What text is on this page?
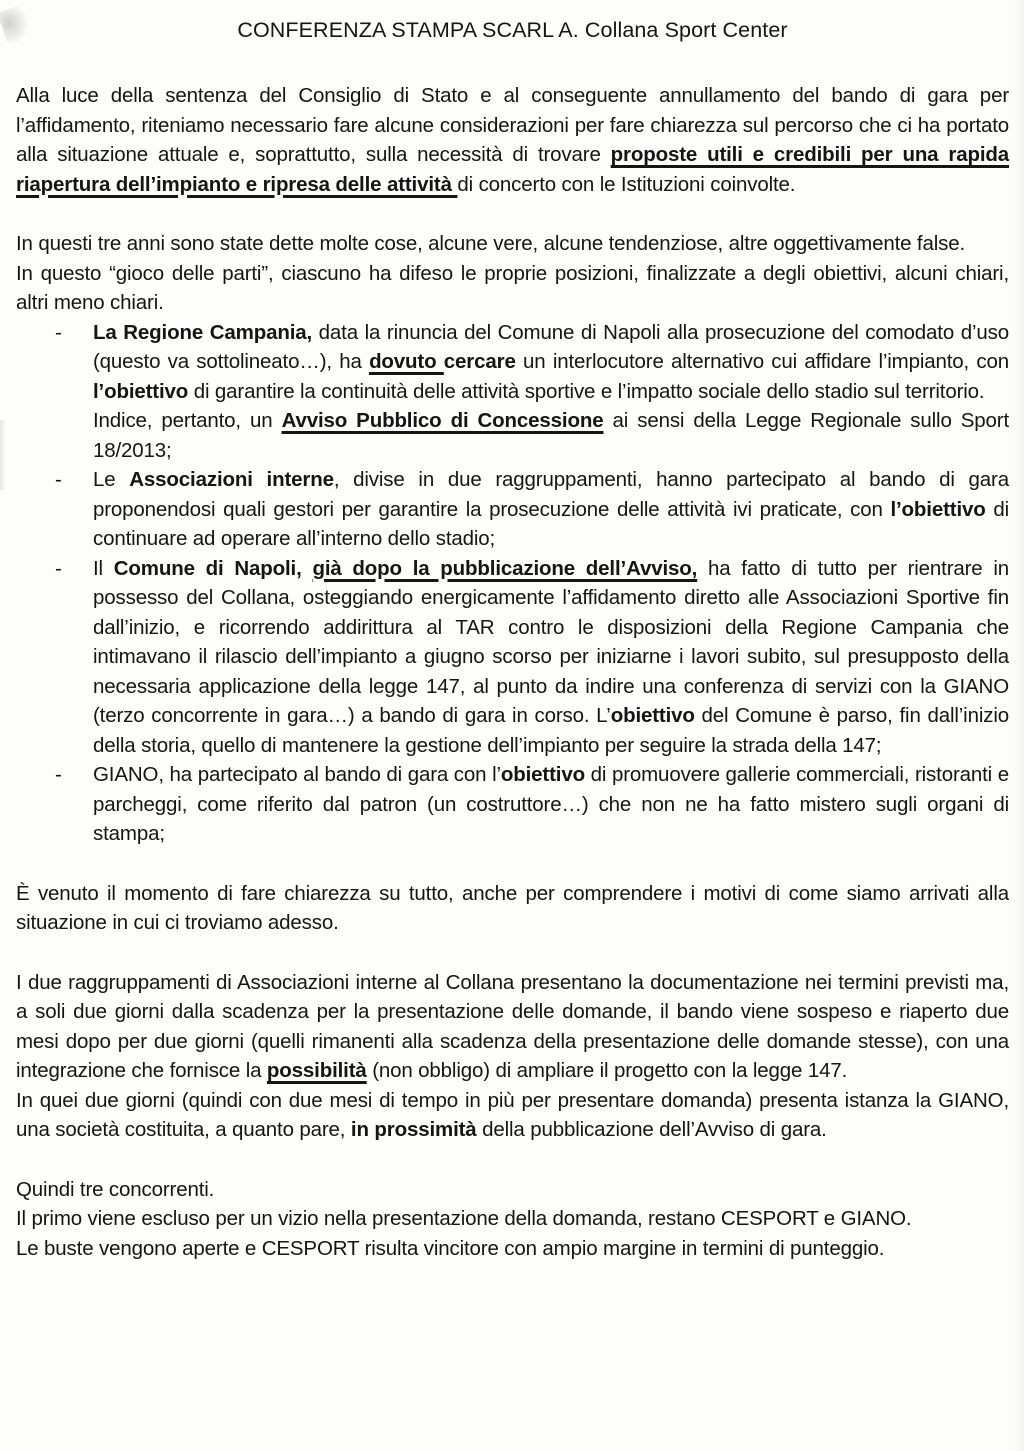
CONFERENZA STAMPA SCARL A. Collana Sport Center
Alla luce della sentenza del Consiglio di Stato e al conseguente annullamento del bando di gara per l’affidamento, riteniamo necessario fare alcune considerazioni per fare chiarezza sul percorso che ci ha portato alla situazione attuale e, soprattutto, sulla necessità di trovare proposte utili e credibili per una rapida riapertura dell’impianto e ripresa delle attività di concerto con le Istituzioni coinvolte.
In questi tre anni sono state dette molte cose, alcune vere, alcune tendenziose, altre oggettivamente false.
In questo “gioco delle parti”, ciascuno ha difeso le proprie posizioni, finalizzate a degli obiettivi, alcuni chiari, altri meno chiari.
- La Regione Campania, data la rinuncia del Comune di Napoli alla prosecuzione del comodato d’uso (questo va sottolineato…), ha dovuto cercare un interlocutore alternativo cui affidare l’impianto, con l’obiettivo di garantire la continuità delle attività sportive e l’impatto sociale dello stadio sul territorio.
Indice, pertanto, un Avviso Pubblico di Concessione ai sensi della Legge Regionale sullo Sport 18/2013;
- Le Associazioni interne, divise in due raggruppamenti, hanno partecipato al bando di gara proponendosi quali gestori per garantire la prosecuzione delle attività ivi praticate, con l’obiettivo di continuare ad operare all’interno dello stadio;
- Il Comune di Napoli, già dopo la pubblicazione dell’Avviso, ha fatto di tutto per rientrare in possesso del Collana, osteggiando energicamente l’affidamento diretto alle Associazioni Sportive fin dall’inizio, e ricorrendo addirittura al TAR contro le disposizioni della Regione Campania che intimavano il rilascio dell’impianto a giugno scorso per iniziarne i lavori subito, sul presupposto della necessaria applicazione della legge 147, al punto da indire una conferenza di servizi con la GIANO (terzo concorrente in gara…) a bando di gara in corso. L’obiettivo del Comune è parso, fin dall’inizio della storia, quello di mantenere la gestione dell’impianto per seguire la strada della 147;
- GIANO, ha partecipato al bando di gara con l’obiettivo di promuovere gallerie commerciali, ristoranti e parcheggi, come riferito dal patron (un costruttore…) che non ne ha fatto mistero sugli organi di stampa;
È venuto il momento di fare chiarezza su tutto, anche per comprendere i motivi di come siamo arrivati alla situazione in cui ci troviamo adesso.
I due raggruppamenti di Associazioni interne al Collana presentano la documentazione nei termini previsti ma, a soli due giorni dalla scadenza per la presentazione delle domande, il bando viene sospeso e riaperto due mesi dopo per due giorni (quelli rimanenti alla scadenza della presentazione delle domande stesse), con una integrazione che fornisce la possibilità (non obbligo) di ampliare il progetto con la legge 147.
In quei due giorni (quindi con due mesi di tempo in più per presentare domanda) presenta istanza la GIANO, una società costituita, a quanto pare, in prossimità della pubblicazione dell’Avviso di gara.
Quindi tre concorrenti.
Il primo viene escluso per un vizio nella presentazione della domanda, restano CESPORT e GIANO.
Le buste vengono aperte e CESPORT risulta vincitore con ampio margine in termini di punteggio.
